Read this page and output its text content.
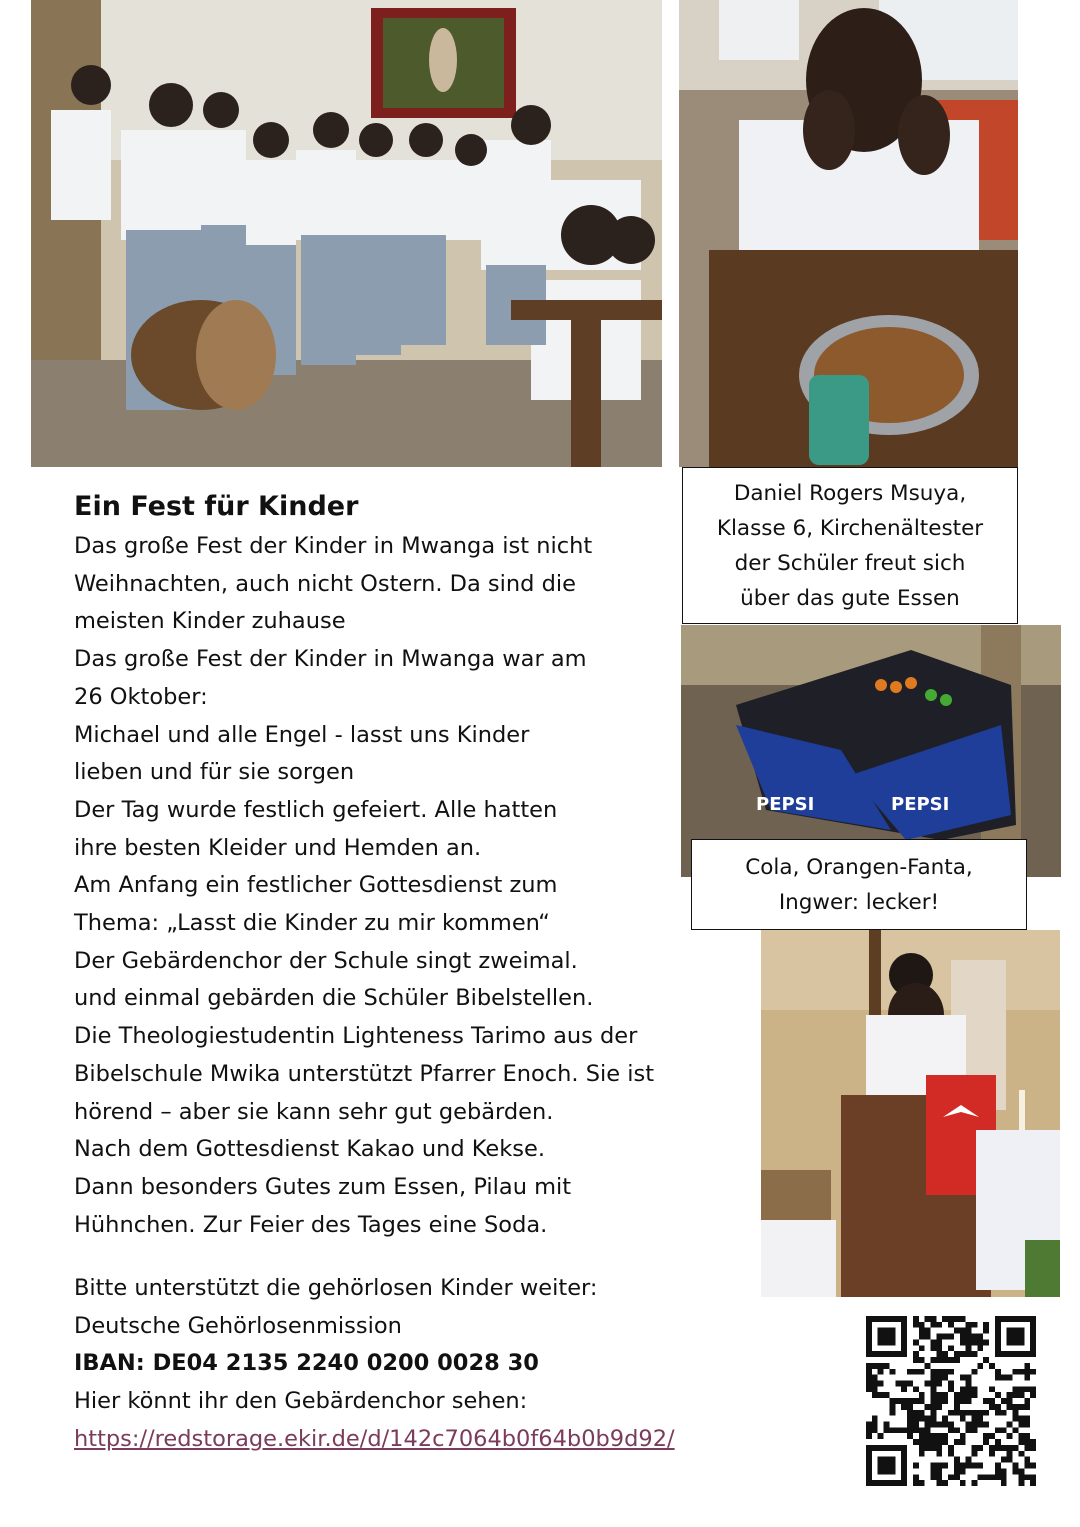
Daniel Rogers Msuya,
Klasse 6, Kirchenältester
der Schüler freut sich
über das gute Essen
PEPSI	PEPSI
Cola, Orangen-Fanta,
Ingwer: lecker!
Ein Fest für Kinder
Das große Fest der Kinder in Mwanga ist nicht
Weihnachten, auch nicht Ostern. Da sind die
meisten Kinder zuhause
Das große Fest der Kinder in Mwanga war am
26 Oktober:
Michael und alle Engel - lasst uns Kinder
lieben und für sie sorgen
Der Tag wurde festlich gefeiert. Alle hatten
ihre besten Kleider und Hemden an.
Am Anfang ein festlicher Gottesdienst zum
Thema: „Lasst die Kinder zu mir kommen“
Der Gebärdenchor der Schule singt zweimal.
und einmal gebärden die Schüler Bibelstellen.
Die Theologiestudentin Lighteness Tarimo aus der
Bibelschule Mwika unterstützt Pfarrer Enoch. Sie ist
hörend – aber sie kann sehr gut gebärden.
Nach dem Gottesdienst Kakao und Kekse.
Dann besonders Gutes zum Essen, Pilau mit
Hühnchen. Zur Feier des Tages eine Soda.
Bitte unterstützt die gehörlosen Kinder weiter:
Deutsche Gehörlosenmission
IBAN: DE04 2135 2240 0200 0028 30
Hier könnt ihr den Gebärdenchor sehen:
https://redstorage.ekir.de/d/142c7064b0f64b0b9d92/
